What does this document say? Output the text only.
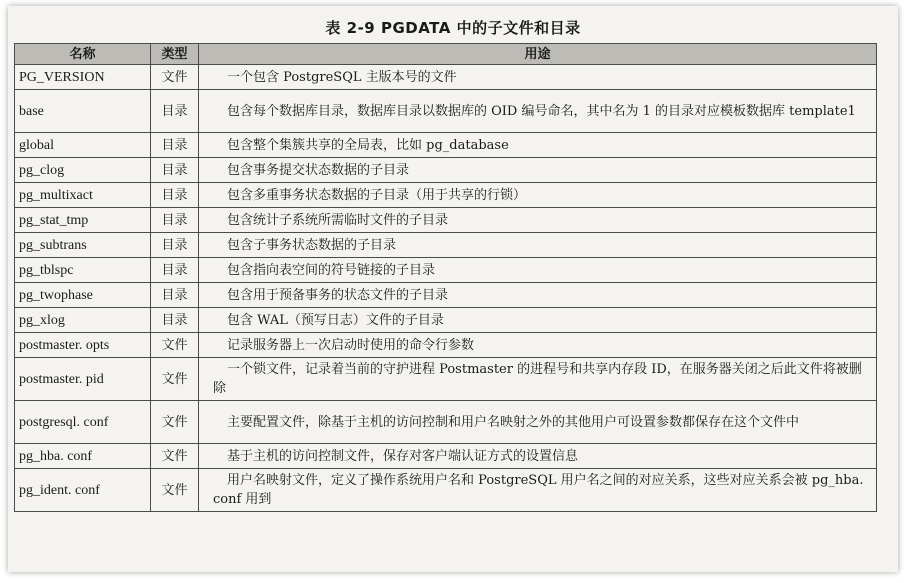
表 2-9 PGDATA 中的子文件和目录
名称	类型	用途
PG_VERSION	文件	一个包含 PostgreSQL 主版本号的文件
base	目录	包含每个数据库目录，数据库目录以数据库的 OID 编号命名，其中名为 1 的目录对应模板数据库 template1
global	目录	包含整个集簇共享的全局表，比如 pg_database
pg_clog	目录	包含事务提交状态数据的子目录
pg_multixact	目录	包含多重事务状态数据的子目录（用于共享的行锁）
pg_stat_tmp	目录	包含统计子系统所需临时文件的子目录
pg_subtrans	目录	包含子事务状态数据的子目录
pg_tblspc	目录	包含指向表空间的符号链接的子目录
pg_twophase	目录	包含用于预备事务的状态文件的子目录
pg_xlog	目录	包含 WAL（预写日志）文件的子目录
postmaster. opts	文件	记录服务器上一次启动时使用的命令行参数
postmaster. pid	文件	一个锁文件，记录着当前的守护进程 Postmaster 的进程号和共享内存段 ID，在服务器关闭之后此文件将被删除
postgresql. conf	文件	主要配置文件，除基于主机的访问控制和用户名映射之外的其他用户可设置参数都保存在这个文件中
pg_hba. conf	文件	基于主机的访问控制文件，保存对客户端认证方式的设置信息
pg_ident. conf	文件	用户名映射文件，定义了操作系统用户名和 PostgreSQL 用户名之间的对应关系，这些对应关系会被 pg_hba. conf 用到
